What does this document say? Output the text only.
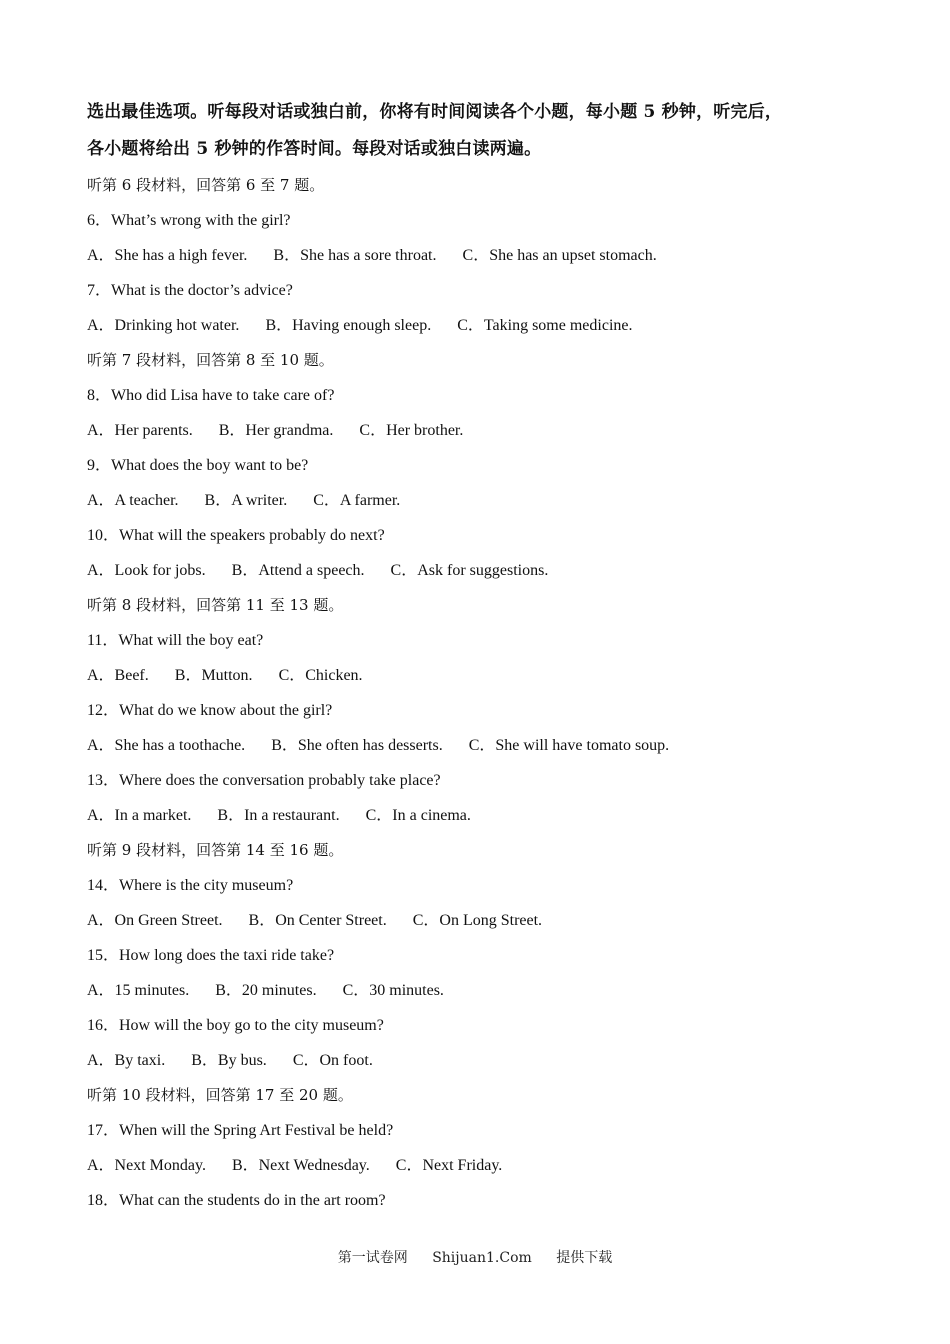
选出最佳选项。听每段对话或独白前，你将有时间阅读各个小题，每小题 5 秒钟，听完后，

各小题将给出 5 秒钟的作答时间。每段对话或独白读两遍。

听第 6 段材料，回答第 6 至 7 题。
6．What’s wrong with the girl?
A．She has a high fever. B．She has a sore throat. C．She has an upset stomach.
7．What is the doctor’s advice?
A．Drinking hot water. B．Having enough sleep. C．Taking some medicine.
听第 7 段材料，回答第 8 至 10 题。
8．Who did Lisa have to take care of?
A．Her parents. B．Her grandma. C．Her brother.
9．What does the boy want to be?
A．A teacher. B．A writer. C．A farmer.
10．What will the speakers probably do next?
A．Look for jobs. B．Attend a speech. C．Ask for suggestions.
听第 8 段材料，回答第 11 至 13 题。
11．What will the boy eat?
A．Beef. B．Mutton. C．Chicken.
12．What do we know about the girl?
A．She has a toothache. B．She often has desserts. C．She will have tomato soup.
13．Where does the conversation probably take place?
A．In a market. B．In a restaurant. C．In a cinema.
听第 9 段材料，回答第 14 至 16 题。
14．Where is the city museum?
A．On Green Street. B．On Center Street. C．On Long Street.
15．How long does the taxi ride take?
A．15 minutes. B．20 minutes. C．30 minutes.
16．How will the boy go to the city museum?
A．By taxi. B．By bus. C．On foot.
听第 10 段材料，回答第 17 至 20 题。
17．When will the Spring Art Festival be held?
A．Next Monday. B．Next Wednesday. C．Next Friday.
18．What can the students do in the art room?
第一试卷网 Shijuan1.Com 提供下载
